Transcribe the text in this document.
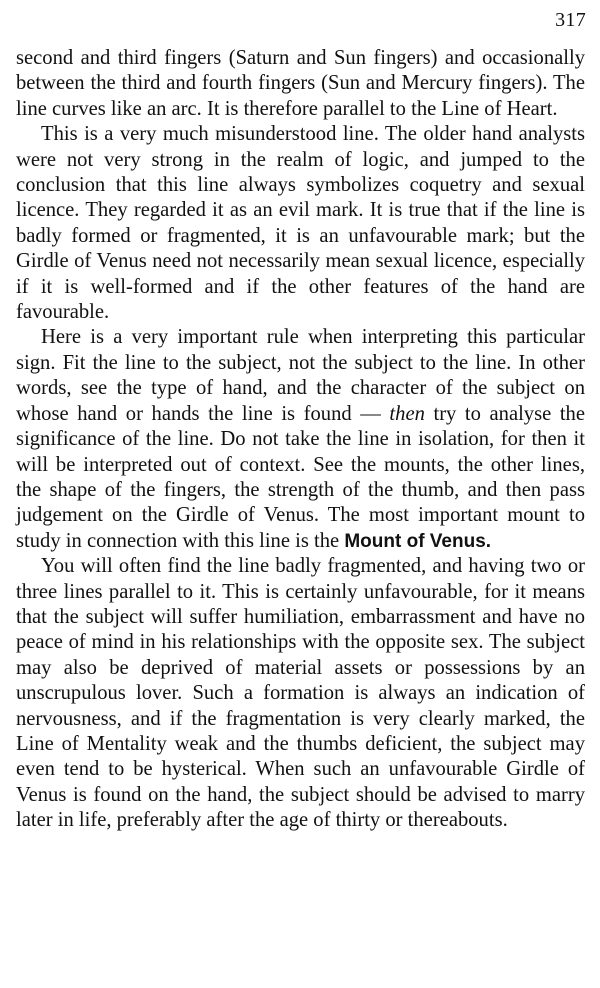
317

second and third fingers (Saturn and Sun fingers) and occasionally between the third and fourth fingers (Sun and Mercury fingers). The line curves like an arc. It is therefore parallel to the Line of Heart.

This is a very much misunderstood line. The older hand analysts were not very strong in the realm of logic, and jumped to the conclusion that this line always symbolizes coquetry and sexual licence. They regarded it as an evil mark. It is true that if the line is badly formed or fragmented, it is an unfavourable mark; but the Girdle of Venus need not necessarily mean sexual licence, especially if it is well-formed and if the other features of the hand are favourable.

Here is a very important rule when interpreting this particular sign. Fit the line to the subject, not the subject to the line. In other words, see the type of hand, and the character of the subject on whose hand or hands the line is found — then try to analyse the significance of the line. Do not take the line in isolation, for then it will be interpreted out of context. See the mounts, the other lines, the shape of the fingers, the strength of the thumb, and then pass judgement on the Girdle of Venus. The most important mount to study in connection with this line is the Mount of Venus.

You will often find the line badly fragmented, and having two or three lines parallel to it. This is certainly unfavourable, for it means that the subject will suffer humiliation, embarrassment and have no peace of mind in his relationships with the opposite sex. The subject may also be deprived of material assets or possessions by an unscrupulous lover. Such a formation is always an indication of nervousness, and if the fragmentation is very clearly marked, the Line of Mentality weak and the thumbs deficient, the subject may even tend to be hysterical. When such an unfavourable Girdle of Venus is found on the hand, the subject should be advised to marry later in life, preferably after the age of thirty or thereabouts.
